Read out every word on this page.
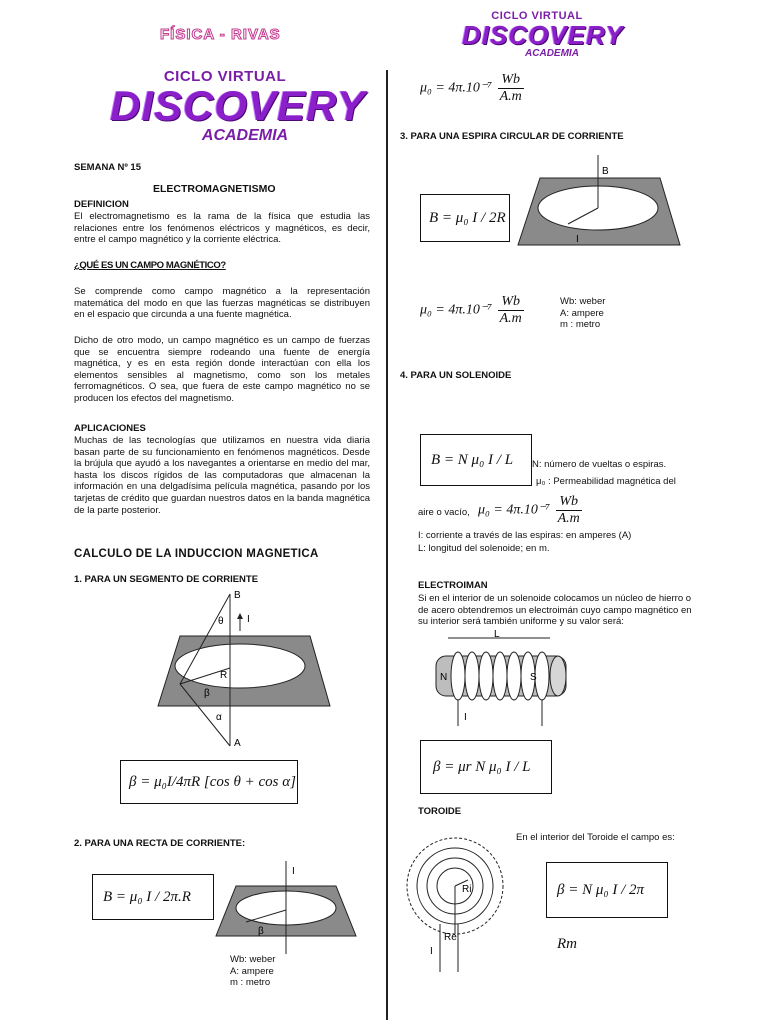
FÍSICA - RIVAS
CICLO VIRTUAL
DISCOVERY
ACADEMIA
CICLO VIRTUAL
DISCOVERY
ACADEMIA
SEMANA Nº 15
ELECTROMAGNETISMO
DEFINICION
El electromagnetismo es la rama de la física que estudia las relaciones entre los fenómenos eléctricos y magnéticos, es decir, entre el campo magnético y la corriente eléctrica.
¿QUÉ ES UN CAMPO MAGNÉTICO?
Se comprende como campo magnético a la representación matemática del modo en que las fuerzas magnéticas se distribuyen en el espacio que circunda a una fuente magnética.
Dicho de otro modo, un campo magnético es un campo de fuerzas que se encuentra siempre rodeando una fuente de energía magnética, y es en esta región donde interactúan con ella los elementos sensibles al magnetismo, como son los metales ferromagnéticos. O sea, que fuera de este campo magnético no se producen los efectos del magnetismo.
APLICACIONES
Muchas de las tecnologías que utilizamos en nuestra vida diaria basan parte de su funcionamiento en fenómenos magnéticos. Desde la brújula que ayudó a los navegantes a orientarse en medio del mar, hasta los discos rígidos de las computadoras que almacenan la información en una delgadísima película magnética, pasando por los tarjetas de crédito que guardan nuestros datos en la banda magnética de la parte posterior.
CALCULO DE LA INDUCCION MAGNETICA
1. PARA UN SEGMENTO DE CORRIENTE
B
I
θ
R
β
α
A
β = μ₀I/4πR [cos θ + cos α]
2. PARA UNA RECTA DE CORRIENTE:
B = μ₀ I / 2π.R
I
β
Wb: weber
A: ampere
m : metro
$\mu_0 = 4\pi.10^{-7} \frac{Wb}{A.m}$
3. PARA UNA ESPIRA CIRCULAR DE CORRIENTE
B
I
B = μ₀ I / 2R
$\mu_0 = 4\pi.10^{-7} \frac{Wb}{A.m}$	Wb: weber
A: ampere
m : metro
4. PARA UN SOLENOIDE
B = N μ₀ I / L	N: número de vueltas o espiras.
μ₀ : Permeabilidad magnética del
aire o vacío, $\mu_0 = 4\pi.10^{-7} \frac{Wb}{A.m}$
I: corriente a través de las espiras: en amperes (A)
L: longitud del solenoide; en m.
ELECTROIMAN
Si en el interior de un solenoide colocamos un núcleo de hierro o de acero obtendremos un electroimán cuyo campo magnético en su interior será también uniforme y su valor será:
L
N	S
I
β = μr N μ₀ I / L
TOROIDE
En el interior del Toroide el campo es:
Ri
Re
I
β = N μ₀ I / 2π Rm
